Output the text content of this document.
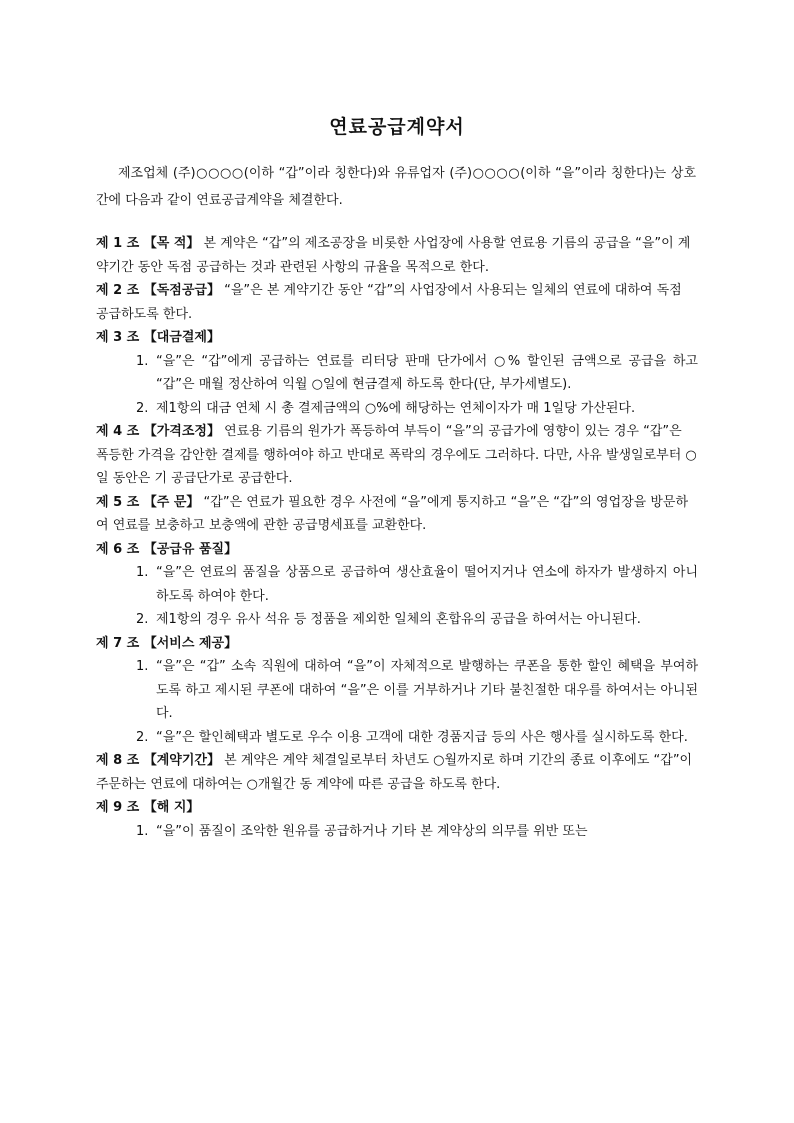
연료공급계약서
제조업체 (주)○○○○(이하 “갑”이라 칭한다)와 유류업자 (주)○○○○(이하 “을”이라 칭한다)는 상호간에 다음과 같이 연료공급계약을 체결한다.
제 1 조 【목 적】 본 계약은 “갑”의 제조공장을 비롯한 사업장에 사용할 연료용 기름의 공급을 “을”이 계약기간 동안 독점 공급하는 것과 관련된 사항의 규율을 목적으로 한다.
제 2 조 【독점공급】 “을”은 본 계약기간 동안 “갑”의 사업장에서 사용되는 일체의 연료에 대하여 독점 공급하도록 한다.
제 3 조 【대금결제】
1. “을”은 “갑”에게 공급하는 연료를 리터당 판매 단가에서 ○% 할인된 금액으로 공급을 하고 “갑”은 매월 정산하여 익월 ○일에 현금결제 하도록 한다(단, 부가세별도).
2. 제1항의 대금 연체 시 총 결제금액의 ○%에 해당하는 연체이자가 매 1일당 가산된다.
제 4 조 【가격조정】 연료용 기름의 원가가 폭등하여 부득이 “을”의 공급가에 영향이 있는 경우 “갑”은 폭등한 가격을 감안한 결제를 행하여야 하고 반대로 폭락의 경우에도 그러하다. 다만, 사유 발생일로부터 ○일 동안은 기 공급단가로 공급한다.
제 5 조 【주 문】 “갑”은 연료가 필요한 경우 사전에 “을”에게 통지하고 “을”은 “갑”의 영업장을 방문하여 연료를 보충하고 보충액에 관한 공급명세표를 교환한다.
제 6 조 【공급유 품질】
1. “을”은 연료의 품질을 상품으로 공급하여 생산효율이 떨어지거나 연소에 하자가 발생하지 아니하도록 하여야 한다.
2. 제1항의 경우 유사 석유 등 정품을 제외한 일체의 혼합유의 공급을 하여서는 아니된다.
제 7 조 【서비스 제공】
1. “을”은 “갑” 소속 직원에 대하여 “을”이 자체적으로 발행하는 쿠폰을 통한 할인 혜택을 부여하도록 하고 제시된 쿠폰에 대하여 “을”은 이를 거부하거나 기타 불친절한 대우를 하여서는 아니된다.
2. “을”은 할인혜택과 별도로 우수 이용 고객에 대한 경품지급 등의 사은 행사를 실시하도록 한다.
제 8 조 【계약기간】 본 계약은 계약 체결일로부터 차년도 ○월까지로 하며 기간의 종료 이후에도 “갑”이 주문하는 연료에 대하여는 ○개월간 동 계약에 따른 공급을 하도록 한다.
제 9 조 【해 지】
1. “을”이 품질이 조악한 원유를 공급하거나 기타 본 계약상의 의무를 위반 또는
